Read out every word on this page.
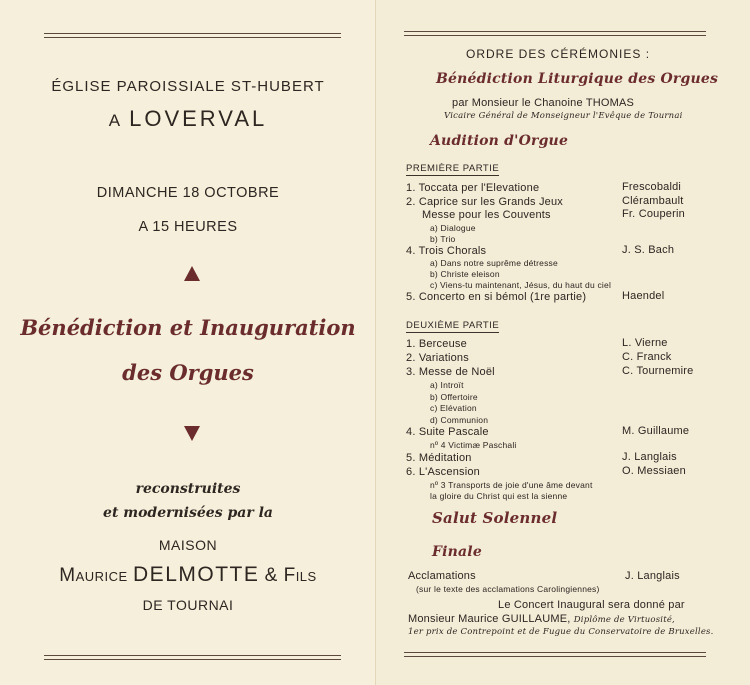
ÉGLISE PAROISSIALE ST-HUBERT
A LOVERVAL
DIMANCHE 18 OCTOBRE
A 15 HEURES
Bénédiction et Inauguration
des Orgues
reconstruites
et modernisées par la
MAISON
Maurice DELMOTTE & Fils
DE TOURNAI
ORDRE DES CÉRÉMONIES :
Bénédiction Liturgique des Orgues
par Monsieur le Chanoine THOMAS
Vicaire Général de Monseigneur l'Evêque de Tournai
Audition d'Orgue
PREMIÈRE PARTIE
1. Toccata per l'Elevatione	Frescobaldi
2. Caprice sur les Grands Jeux	Clérambault
Messe pour les Couvents	Fr. Couperin
a) Dialogue
b) Trio
4. Trois Chorals	J. S. Bach
a) Dans notre suprême détresse
b) Christe eleison
c) Viens-tu maintenant, Jésus, du haut du ciel
5. Concerto en si bémol (1re partie)	Haendel
DEUXIÈME PARTIE
1. Berceuse	L. Vierne
2. Variations	C. Franck
3. Messe de Noël	C. Tournemire
a) Introït
b) Offertoire
c) Elévation
d) Communion
4. Suite Pascale	M. Guillaume
nº 4 Victimæ Paschali
5. Méditation	J. Langlais
6. L'Ascension	O. Messiaen
nº 3 Transports de joie d'une âme devant
la gloire du Christ qui est la sienne
Salut Solennel
Finale
Acclamations	J. Langlais
(sur le texte des acclamations Carolingiennes)
Le Concert Inaugural sera donné par
Monsieur Maurice GUILLAUME, Diplôme de Virtuosité,
1er prix de Contrepoint et de Fugue du Conservatoire de Bruxelles.
